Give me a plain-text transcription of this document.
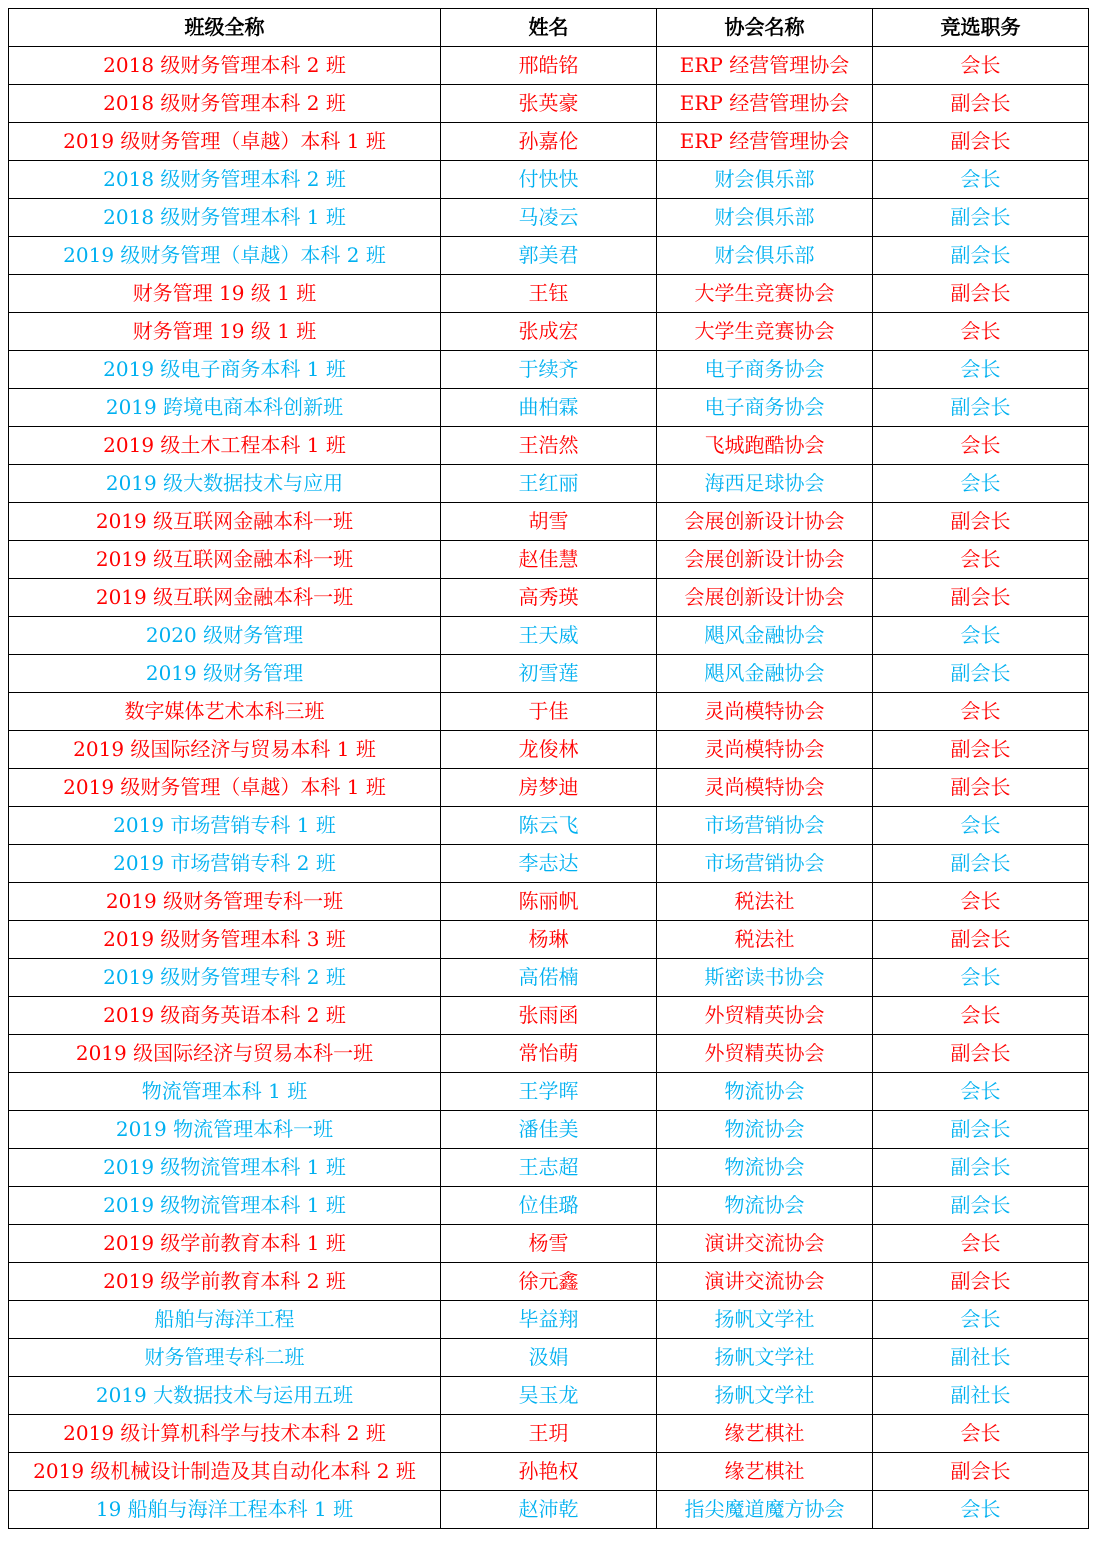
班级全称	姓名	协会名称	竞选职务
2018 级财务管理本科 2 班	邢皓铭	ERP 经营管理协会	会长
2018 级财务管理本科 2 班	张英豪	ERP 经营管理协会	副会长
2019 级财务管理（卓越）本科 1 班	孙嘉伦	ERP 经营管理协会	副会长
2018 级财务管理本科 2 班	付快快	财会俱乐部	会长
2018 级财务管理本科 1 班	马凌云	财会俱乐部	副会长
2019 级财务管理（卓越）本科 2 班	郭美君	财会俱乐部	副会长
财务管理 19 级 1 班	王钰	大学生竞赛协会	副会长
财务管理 19 级 1 班	张成宏	大学生竞赛协会	会长
2019 级电子商务本科 1 班	于续齐	电子商务协会	会长
2019 跨境电商本科创新班	曲柏霖	电子商务协会	副会长
2019 级土木工程本科 1 班	王浩然	飞城跑酷协会	会长
2019 级大数据技术与应用	王红丽	海西足球协会	会长
2019 级互联网金融本科一班	胡雪	会展创新设计协会	副会长
2019 级互联网金融本科一班	赵佳慧	会展创新设计协会	会长
2019 级互联网金融本科一班	高秀瑛	会展创新设计协会	副会长
2020 级财务管理	王天威	飓风金融协会	会长
2019 级财务管理	初雪莲	飓风金融协会	副会长
数字媒体艺术本科三班	于佳	灵尚模特协会	会长
2019 级国际经济与贸易本科 1 班	龙俊林	灵尚模特协会	副会长
2019 级财务管理（卓越）本科 1 班	房梦迪	灵尚模特协会	副会长
2019 市场营销专科 1 班	陈云飞	市场营销协会	会长
2019 市场营销专科 2 班	李志达	市场营销协会	副会长
2019 级财务管理专科一班	陈丽帆	税法社	会长
2019 级财务管理本科 3 班	杨琳	税法社	副会长
2019 级财务管理专科 2 班	高偌楠	斯密读书协会	会长
2019 级商务英语本科 2 班	张雨函	外贸精英协会	会长
2019 级国际经济与贸易本科一班	常怡萌	外贸精英协会	副会长
物流管理本科 1 班	王学晖	物流协会	会长
2019 物流管理本科一班	潘佳美	物流协会	副会长
2019 级物流管理本科 1 班	王志超	物流协会	副会长
2019 级物流管理本科 1 班	位佳璐	物流协会	副会长
2019 级学前教育本科 1 班	杨雪	演讲交流协会	会长
2019 级学前教育本科 2 班	徐元鑫	演讲交流协会	副会长
船舶与海洋工程	毕益翔	扬帆文学社	会长
财务管理专科二班	汲娟	扬帆文学社	副社长
2019 大数据技术与运用五班	吴玉龙	扬帆文学社	副社长
2019 级计算机科学与技术本科 2 班	王玥	缘艺棋社	会长
2019 级机械设计制造及其自动化本科 2 班	孙艳权	缘艺棋社	副会长
19 船舶与海洋工程本科 1 班	赵沛乾	指尖魔道魔方协会	会长
